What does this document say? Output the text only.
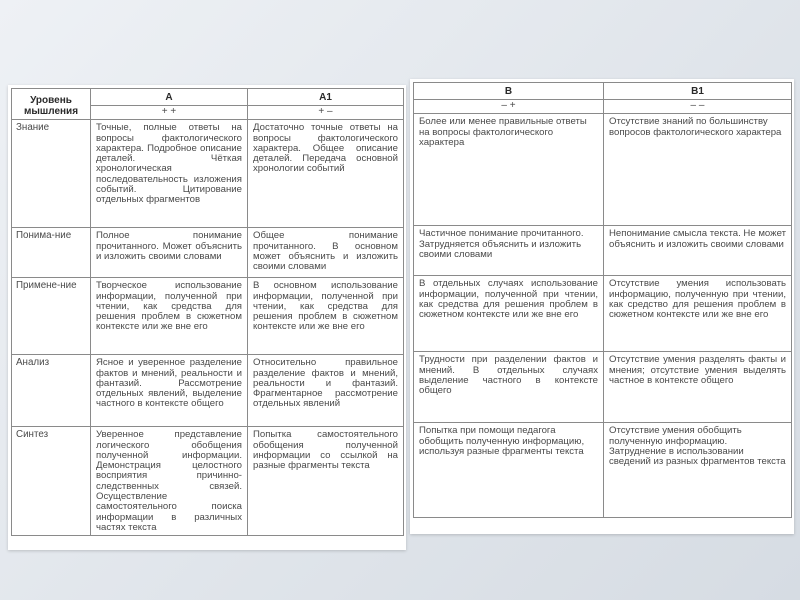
Уровень мышления	А	А1
	+ +	+ –
Знание	Точные, полные ответы на вопросы фактологического характера. Подробное описание деталей. Чёткая хронологическая последовательность изложения событий. Цитирование отдельных фрагментов	Достаточно точные ответы на вопросы фактологического характера. Общее описание деталей. Передача основной хронологии событий
Понима-ние	Полное понимание прочитанного. Может объяснить и изложить своими словами	Общее понимание прочитанного. В основном может объяснить и изложить своими словами
Примене-ние	Творческое использование информации, полученной при чтении, как средства для решения проблем в сюжетном контексте или же вне его	В основном использование информации, полученной при чтении, как средства для решения проблем в сюжетном контексте или же вне его
Анализ	Ясное и уверенное разделение фактов и мнений, реальности и фантазий. Рассмотрение отдельных явлений, выделение частного в контексте общего	Относительно правильное разделение фактов и мнений, реальности и фантазий. Фрагментарное рассмотрение отдельных явлений
Синтез	Уверенное представление логического обобщения полученной информации. Демонстрация целостного восприятия причинно-следственных связей. Осуществление самостоятельного поиска информации в различных частях текста	Попытка самостоятельного обобщения полученной информации со ссылкой на разные фрагменты текста
В	В1
– +	– –
Более или менее правильные ответы на вопросы фактологического характера	Отсутствие знаний по большинству вопросов фактологического характера
Частичное понимание прочитанного. Затрудняется объяснить и изложить своими словами	Непонимание смысла текста. Не может объяснить и изложить своими словами
В отдельных случаях использование информации, полученной при чтении, как средства для решения проблем в сюжетном контексте или же вне его	Отсутствие умения использовать информацию, полученную при чтении, как средство для решения проблем в сюжетном контексте или же вне его
Трудности при разделении фактов и мнений. В отдельных случаях выделение частного в контексте общего	Отсутствие умения разделять факты и мнения; отсутствие умения выделять частное в контексте общего
Попытка при помощи педагога обобщить полученную информацию, используя разные фрагменты текста	Отсутствие умения обобщить полученную информацию. Затруднение в использовании сведений из разных фрагментов текста
